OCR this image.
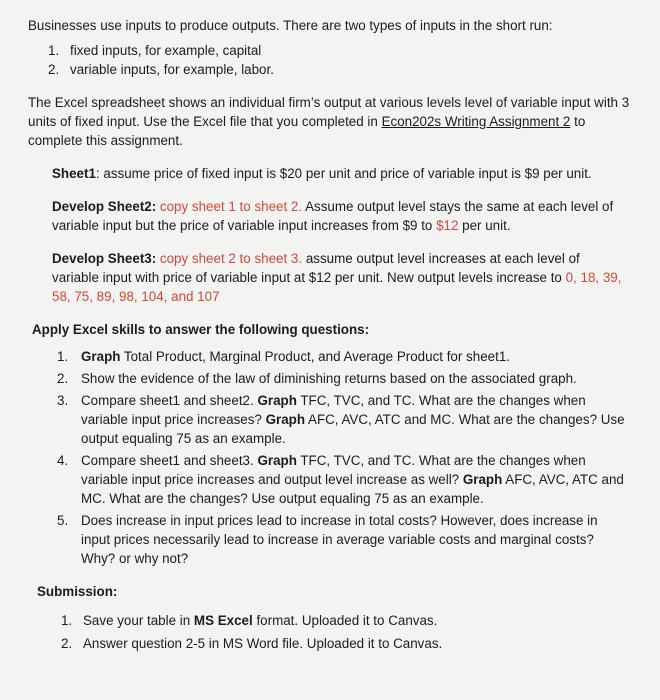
Businesses use inputs to produce outputs. There are two types of inputs in the short run:

1. fixed inputs, for example, capital
2. variable inputs, for example, labor.

The Excel spreadsheet shows an individual firm’s output at various levels level of variable input with 3 units of fixed input. Use the Excel file that you completed in Econ202s Writing Assignment 2 to complete this assignment.

Sheet1: assume price of fixed input is $20 per unit and price of variable input is $9 per unit.

Develop Sheet2: copy sheet 1 to sheet 2. Assume output level stays the same at each level of variable input but the price of variable input increases from $9 to $12 per unit.

Develop Sheet3: copy sheet 2 to sheet 3. assume output level increases at each level of variable input with price of variable input at $12 per unit. New output levels increase to 0, 18, 39, 58, 75, 89, 98, 104, and 107

Apply Excel skills to answer the following questions:

1. Graph Total Product, Marginal Product, and Average Product for sheet1.
2. Show the evidence of the law of diminishing returns based on the associated graph.
3. Compare sheet1 and sheet2. Graph TFC, TVC, and TC. What are the changes when variable input price increases? Graph AFC, AVC, ATC and MC. What are the changes? Use output equaling 75 as an example.
4. Compare sheet1 and sheet3. Graph TFC, TVC, and TC. What are the changes when variable input price increases and output level increase as well? Graph AFC, AVC, ATC and MC. What are the changes? Use output equaling 75 as an example.
5. Does increase in input prices lead to increase in total costs? However, does increase in input prices necessarily lead to increase in average variable costs and marginal costs? Why? or why not?

Submission:

1. Save your table in MS Excel format. Uploaded it to Canvas.
2. Answer question 2-5 in MS Word file. Uploaded it to Canvas.
